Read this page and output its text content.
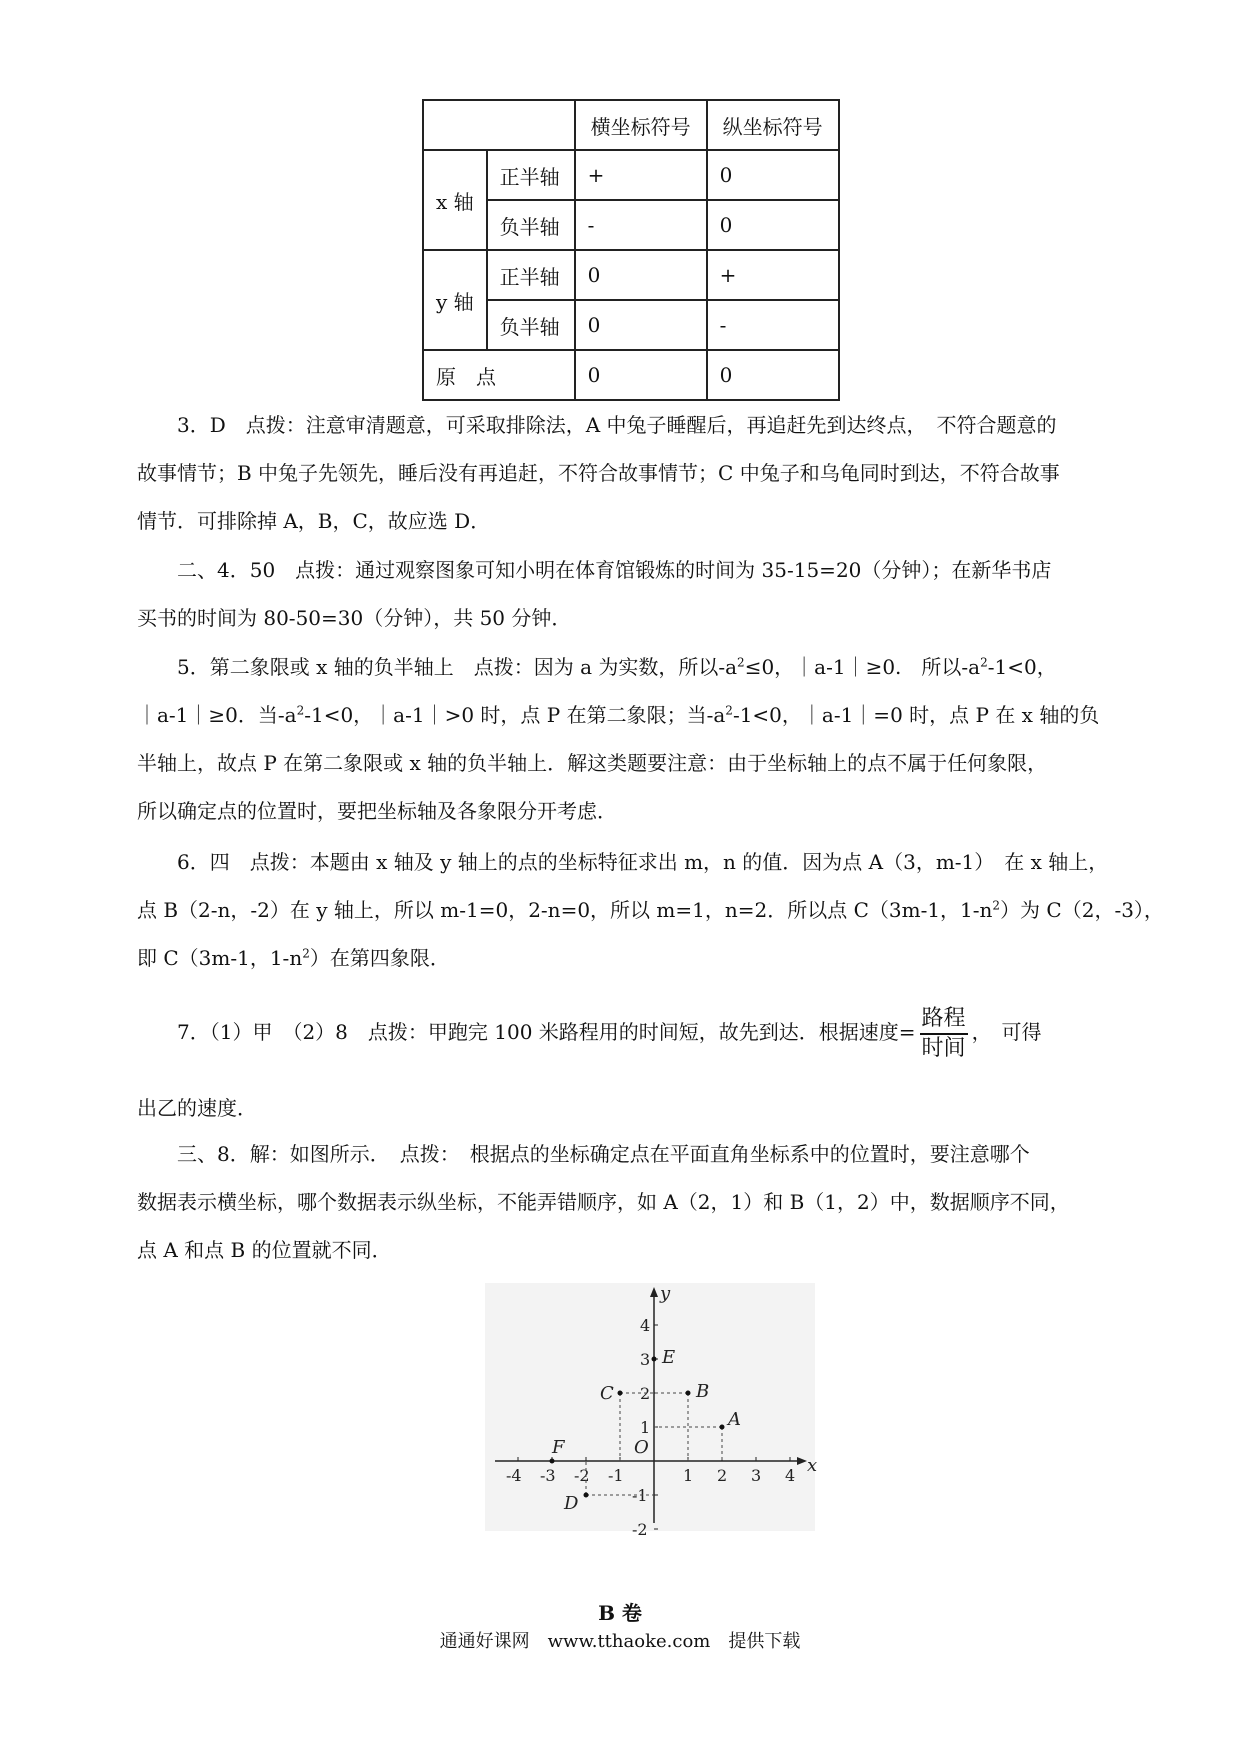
		横坐标符号	纵坐标符号
x 轴	正半轴	+	0
	负半轴	-	0
y 轴	正半轴	0	+
	负半轴	0	-
原　点		0	0
3．D　点拨：注意审清题意，可采取排除法，A 中兔子睡醒后，再追赶先到达终点，　不符合题意的
故事情节；B 中兔子先领先，睡后没有再追赶，不符合故事情节；C 中兔子和乌龟同时到达，不符合故事
情节．可排除掉 A，B，C，故应选 D．
二、4．50　点拨：通过观察图象可知小明在体育馆锻炼的时间为 35-15=20（分钟）；在新华书店
买书的时间为 80-50=30（分钟），共 50 分钟．
5．第二象限或 x 轴的负半轴上　点拨：因为 a 为实数，所以$-a^2\le 0$，｜a-1｜≥0.　所以$-a^2-1<0$，
｜a-1｜≥0．当$-a^2-1<0$，｜a-1｜>0 时，点 P 在第二象限；当$-a^2-1<0$，｜a-1｜=0 时，点 P 在 x 轴的负
半轴上，故点 P 在第二象限或 x 轴的负半轴上．解这类题要注意：由于坐标轴上的点不属于任何象限，
所以确定点的位置时，要把坐标轴及各象限分开考虑．
6．四　点拨：本题由 x 轴及 y 轴上的点的坐标特征求出 m，n 的值．因为点 A（3，m-1）　在 x 轴上，
点 B（2-n，-2）在 y 轴上，所以 m-1=0，2-n=0，所以 m=1，n=2．所以点 C（3m-1，$1-n^2$）为 C（2，-3），
即 C（3m-1，$1-n^2$）在第四象限．
7．（1）甲　（2）8　点拨：甲跑完 100 米路程用的时间短，故先到达．根据速度= $\frac{\text{路程}}{\text{时间}}$ ，　可得
出乙的速度．
三、8．解：如图所示．　点拨：　根据点的坐标确定点在平面直角坐标系中的位置时，要注意哪个
数据表示横坐标，哪个数据表示纵坐标，不能弄错顺序，如 A（2，1）和 B（1，2）中，数据顺序不同，
点 A 和点 B 的位置就不同．
x
y
O
-4 -3 -2 -1	1 2 3 4
4
3
2
1
-1
-2
A
B
C
D
E
F
B 卷
通通好课网　www.tthaoke.com　提供下载
